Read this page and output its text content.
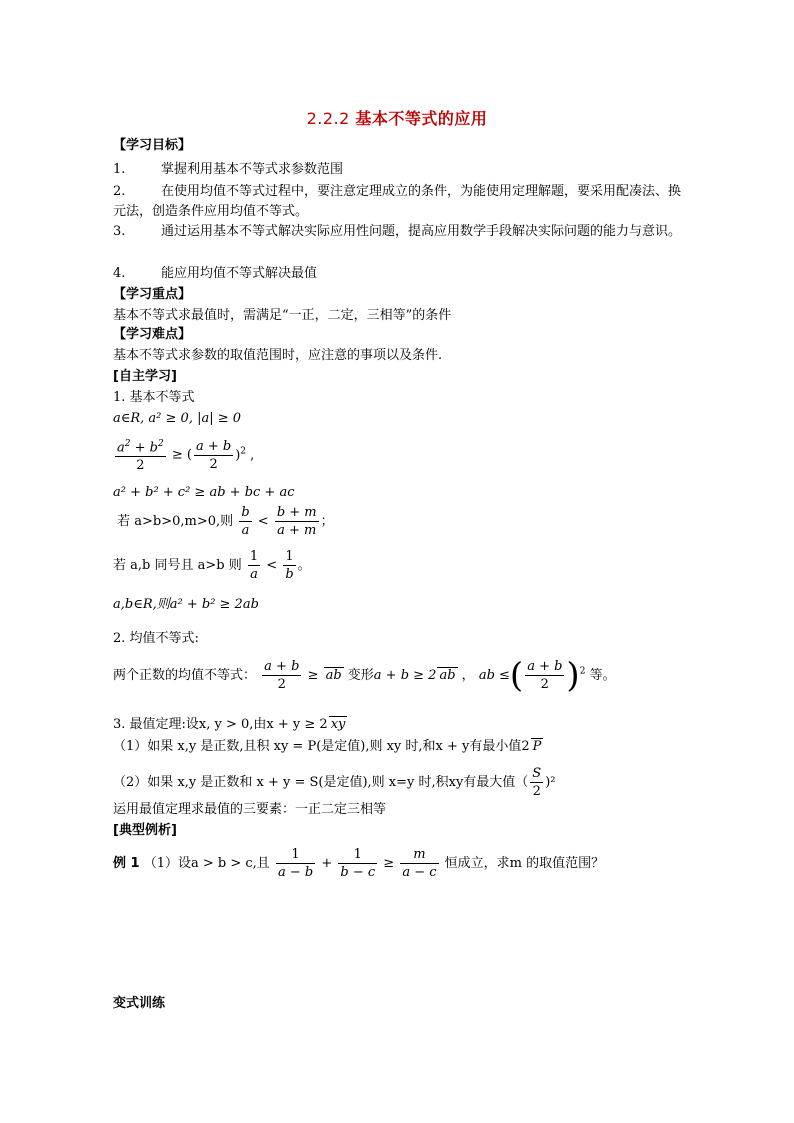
2.2.2 基本不等式的应用
【学习目标】
1.	掌握利用基本不等式求参数范围
2.	在使用均值不等式过程中，要注意定理成立的条件，为能使用定理解题，要采用配凑法、换元法，创造条件应用均值不等式。
3.	通过运用基本不等式解决实际应用性问题，提高应用数学手段解决实际问题的能力与意识。
4.	能应用均值不等式解决最值
【学习重点】
基本不等式求最值时，需满足“一正，二定，三相等”的条件
【学习难点】
基本不等式求参数的取值范围时，应注意的事项以及条件.
[自主学习]
1. 基本不等式
a∈R, a² ≥ 0, |a| ≥ 0
$\frac{a^2 + b^2}{2}$ ≥ ( $\frac{a + b}{2} )^2$ ,
a² + b² + c² ≥ ab + bc + ac
若 a>b>0,m>0,则 $\frac{b}{a} < \frac{b + m}{a + m}$ ；
若 a,b 同号且 a>b 则 $\frac{1}{a} < \frac{1}{b}$ 。
a,b∈R,则a² + b² ≥ 2ab
2. 均值不等式:
两个正数的均值不等式： $\frac{a + b}{2}$ ≥ ab 变形a + b ≥ 2 ab ， ab ≤( $\frac{a + b}{2} )^2$ 等。
3. 最值定理:设x, y > 0,由x + y ≥ 2 xy
（1）如果 x,y 是正数,且积 xy = P(是定值),则 xy 时,和x + y有最小值2 P
（2）如果 x,y 是正数和 x + y = S(是定值),则 x=y 时,积xy有最大值（ $\frac{S}{2} )^2$
运用最值定理求最值的三要素：一正二定三相等
[典型例析]
例 1 （1）设a > b > c,且 $\frac{1}{a - b} + \frac{1}{b - c} \ge \frac{m}{a - c}$ 恒成立，求m 的取值范围？
变式训练
